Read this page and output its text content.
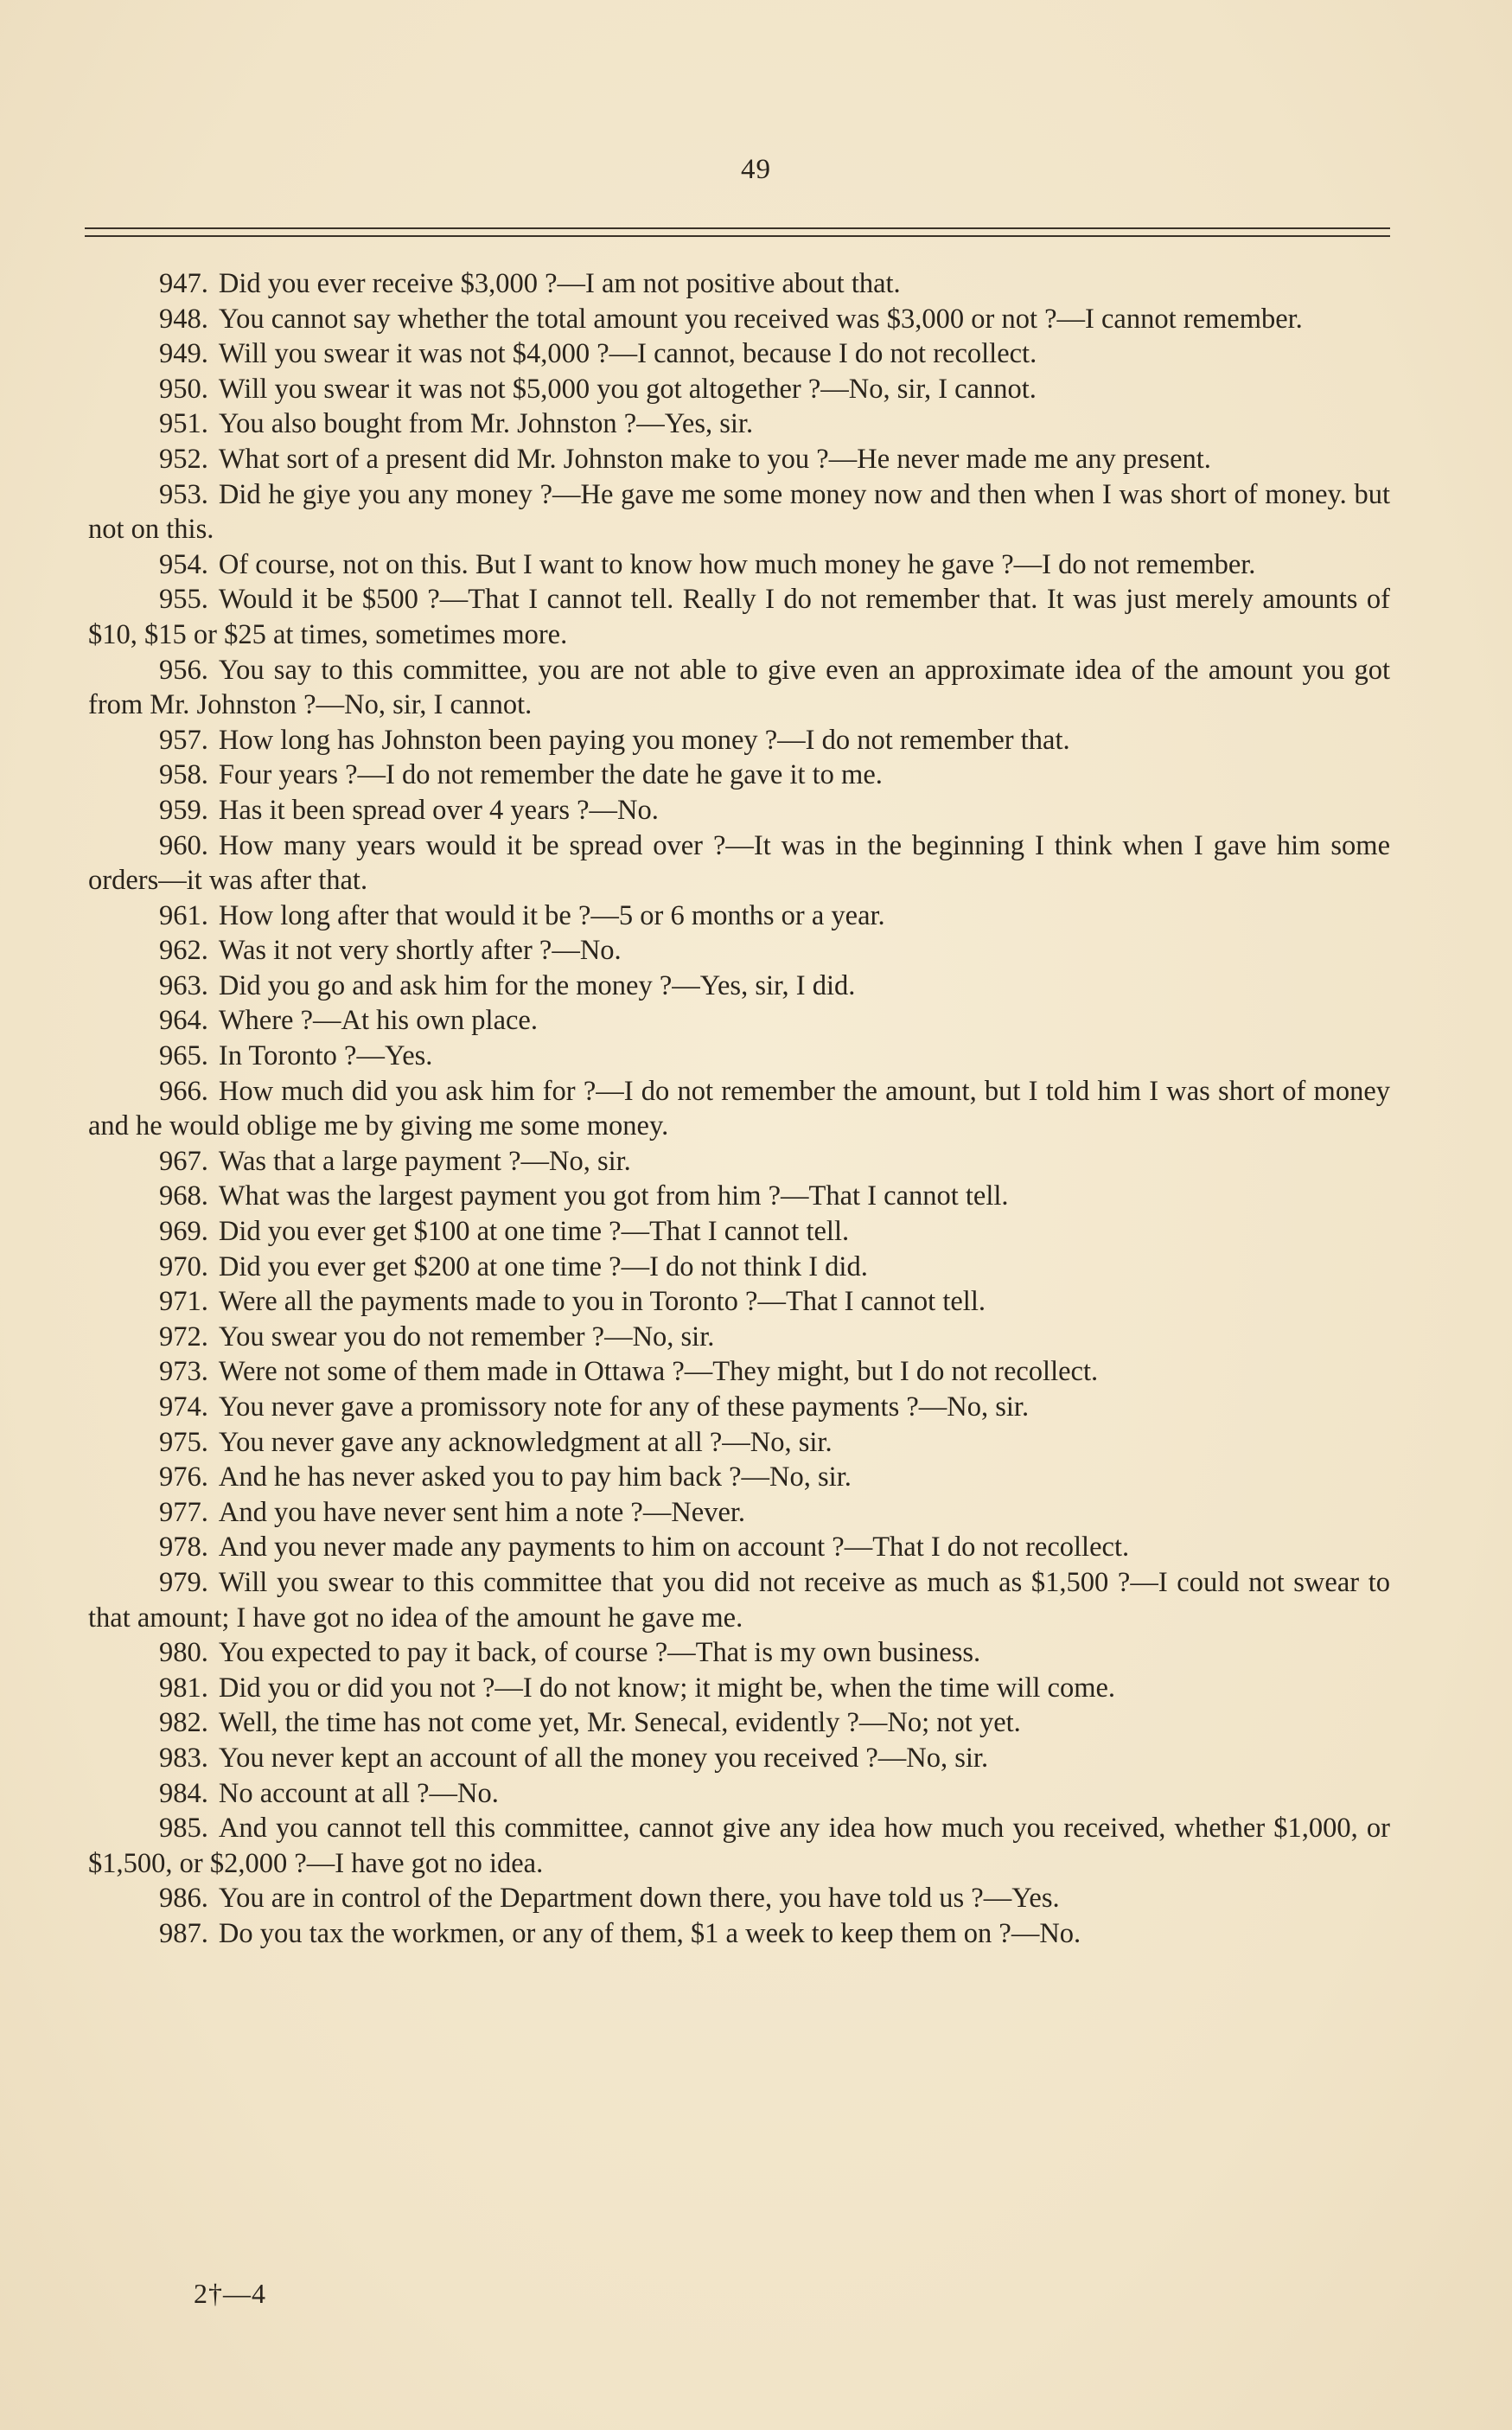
49

947. Did you ever receive $3,000 ?—I am not positive about that.

948. You cannot say whether the total amount you received was $3,000 or not ?—I cannot remember.

949. Will you swear it was not $4,000 ?—I cannot, because I do not recollect.

950. Will you swear it was not $5,000 you got altogether ?—No, sir, I cannot.

951. You also bought from Mr. Johnston ?—Yes, sir.

952. What sort of a present did Mr. Johnston make to you ?—He never made me any present.

953. Did he giye you any money ?—He gave me some money now and then when I was short of money. but not on this.

954. Of course, not on this. But I want to know how much money he gave ?—I do not remember.

955. Would it be $500 ?—That I cannot tell. Really I do not remember that. It was just merely amounts of $10, $15 or $25 at times, sometimes more.

956. You say to this committee, you are not able to give even an approximate idea of the amount you got from Mr. Johnston ?—No, sir, I cannot.

957. How long has Johnston been paying you money ?—I do not remember that.

958. Four years ?—I do not remember the date he gave it to me.

959. Has it been spread over 4 years ?—No.

960. How many years would it be spread over ?—It was in the beginning I think when I gave him some orders—it was after that.

961. How long after that would it be ?—5 or 6 months or a year.

962. Was it not very shortly after ?—No.

963. Did you go and ask him for the money ?—Yes, sir, I did.

964. Where ?—At his own place.

965. In Toronto ?—Yes.

966. How much did you ask him for ?—I do not remember the amount, but I told him I was short of money and he would oblige me by giving me some money.

967. Was that a large payment ?—No, sir.

968. What was the largest payment you got from him ?—That I cannot tell.

969. Did you ever get $100 at one time ?—That I cannot tell.

970. Did you ever get $200 at one time ?—I do not think I did.

971. Were all the payments made to you in Toronto ?—That I cannot tell.

972. You swear you do not remember ?—No, sir.

973. Were not some of them made in Ottawa ?—They might, but I do not recollect.

974. You never gave a promissory note for any of these payments ?—No, sir.

975. You never gave any acknowledgment at all ?—No, sir.

976. And he has never asked you to pay him back ?—No, sir.

977. And you have never sent him a note ?—Never.

978. And you never made any payments to him on account ?—That I do not recollect.

979. Will you swear to this committee that you did not receive as much as $1,500 ?—I could not swear to that amount; I have got no idea of the amount he gave me.

980. You expected to pay it back, of course ?—That is my own business.

981. Did you or did you not ?—I do not know; it might be, when the time will come.

982. Well, the time has not come yet, Mr. Senecal, evidently ?—No; not yet.

983. You never kept an account of all the money you received ?—No, sir.

984. No account at all ?—No.

985. And you cannot tell this committee, cannot give any idea how much you received, whether $1,000, or $1,500, or $2,000 ?—I have got no idea.

986. You are in control of the Department down there, you have told us ?—Yes.

987. Do you tax the workmen, or any of them, $1 a week to keep them on ?—No.

2†—4
